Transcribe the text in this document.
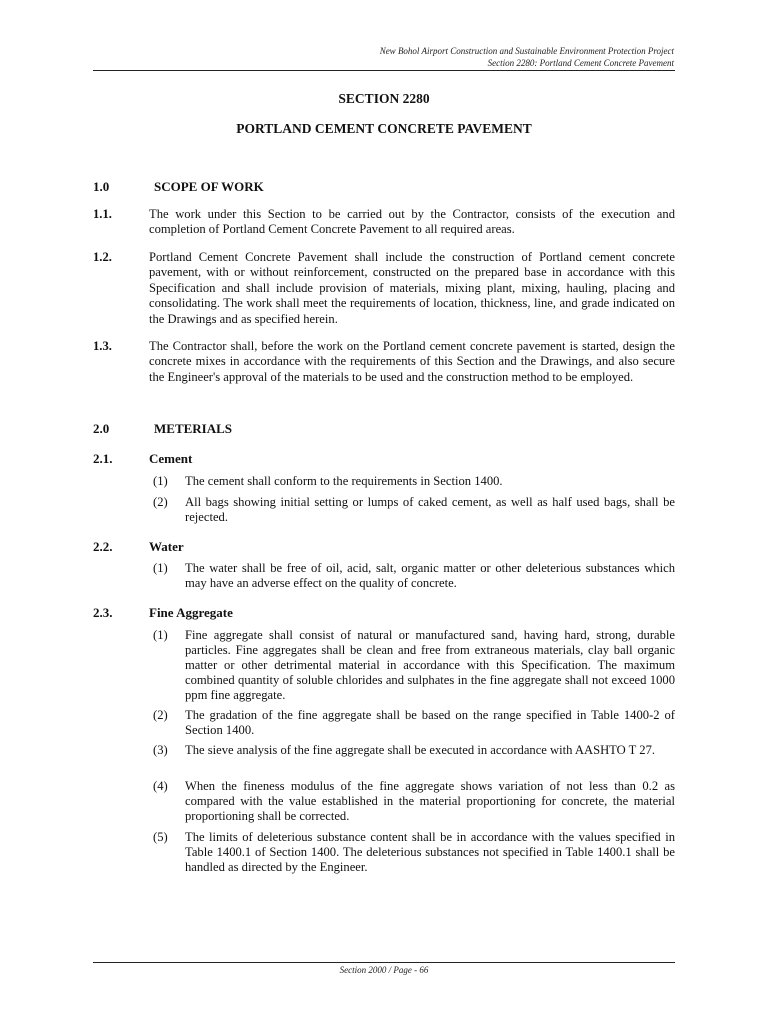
New Bohol Airport Construction and Sustainable Environment Protection Project
Section 2280: Portland Cement Concrete Pavement
SECTION 2280
PORTLAND CEMENT CONCRETE PAVEMENT
1.0	SCOPE OF WORK
1.1.	The work under this Section to be carried out by the Contractor, consists of the execution and completion of Portland Cement Concrete Pavement to all required areas.
1.2.	Portland Cement Concrete Pavement shall include the construction of Portland cement concrete pavement, with or without reinforcement, constructed on the prepared base in accordance with this Specification and shall include provision of materials, mixing plant, mixing, hauling, placing and consolidating. The work shall meet the requirements of location, thickness, line, and grade indicated on the Drawings and as specified herein.
1.3.	The Contractor shall, before the work on the Portland cement concrete pavement is started, design the concrete mixes in accordance with the requirements of this Section and the Drawings, and also secure the Engineer's approval of the materials to be used and the construction method to be employed.
2.0	METERIALS
2.1.	Cement
(1) The cement shall conform to the requirements in Section 1400.
(2) All bags showing initial setting or lumps of caked cement, as well as half used bags, shall be rejected.
2.2.	Water
(1) The water shall be free of oil, acid, salt, organic matter or other deleterious substances which may have an adverse effect on the quality of concrete.
2.3.	Fine Aggregate
(1) Fine aggregate shall consist of natural or manufactured sand, having hard, strong, durable particles. Fine aggregates shall be clean and free from extraneous materials, clay ball organic matter or other detrimental material in accordance with this Specification. The maximum combined quantity of soluble chlorides and sulphates in the fine aggregate shall not exceed 1000 ppm fine aggregate.
(2) The gradation of the fine aggregate shall be based on the range specified in Table 1400-2 of Section 1400.
(3) The sieve analysis of the fine aggregate shall be executed in accordance with AASHTO T 27.
(4) When the fineness modulus of the fine aggregate shows variation of not less than 0.2 as compared with the value established in the material proportioning for concrete, the material proportioning shall be corrected.
(5) The limits of deleterious substance content shall be in accordance with the values specified in Table 1400.1 of Section 1400. The deleterious substances not specified in Table 1400.1 shall be handled as directed by the Engineer.
Section 2000 / Page - 66
